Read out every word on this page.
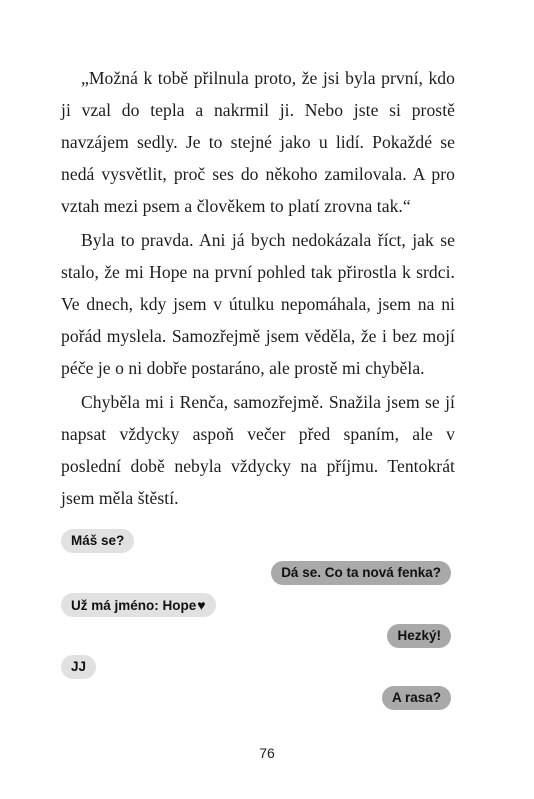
„Možná k tobě přilnula proto, že jsi byla první, kdo ji vzal do tepla a nakrmil ji. Nebo jste si prostě navzájem sedly. Je to stejné jako u lidí. Pokaždé se nedá vysvětlit, proč ses do někoho zamilovala. A pro vztah mezi psem a člověkem to platí zrovna tak.“

Byla to pravda. Ani já bych nedokázala říct, jak se stalo, že mi Hope na první pohled tak přirostla k srdci. Ve dnech, kdy jsem v útulku nepomáhala, jsem na ni pořád myslela. Samozřejmě jsem věděla, že i bez mojí péče je o ni dobře postaráno, ale prostě mi chyběla.

Chyběla mi i Renča, samozřejmě. Snažila jsem se jí napsat vždycky aspoň večer před spaním, ale v poslední době nebyla vždycky na příjmu. Tentokrát jsem měla štěstí.

Máš se?
Dá se. Co ta nová fenka?
Už má jméno: Hope♥
Hezký!
JJ
A rasa?
76
